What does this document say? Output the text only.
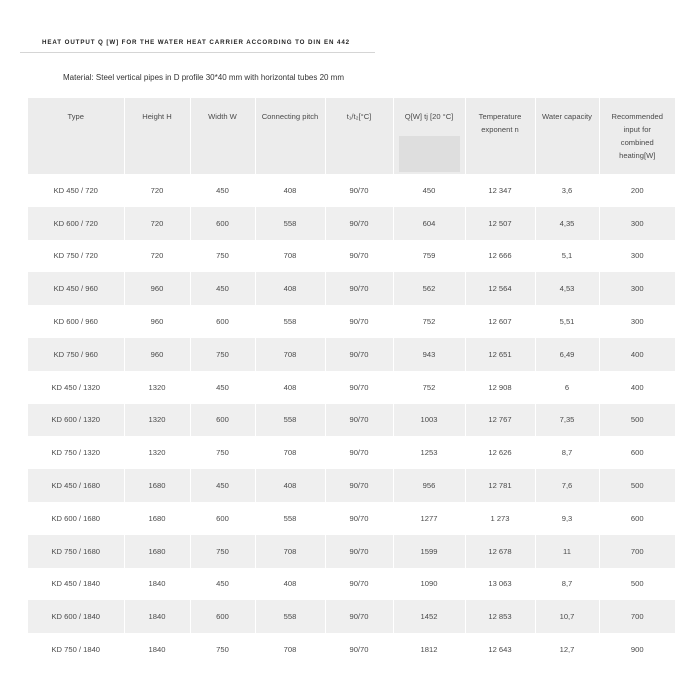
HEAT OUTPUT Q [W] FOR THE WATER HEAT CARRIER ACCORDING TO DIN EN 442
Material: Steel vertical pipes in D profile 30*40 mm with horizontal tubes 20 mm
Type	Height H	Width W	Connecting pitch	t₁/t₂[°C]	Q[W] tj [20 °C]	Temperature exponent n	Water capacity	Recommended input for combined heating[W]
KD 450 / 720	720	450	408	90/70	450	12 347	3,6	200
KD 600 / 720	720	600	558	90/70	604	12 507	4,35	300
KD 750 / 720	720	750	708	90/70	759	12 666	5,1	300
KD 450 / 960	960	450	408	90/70	562	12 564	4,53	300
KD 600 / 960	960	600	558	90/70	752	12 607	5,51	300
KD 750 / 960	960	750	708	90/70	943	12 651	6,49	400
KD 450 / 1320	1320	450	408	90/70	752	12 908	6	400
KD 600 / 1320	1320	600	558	90/70	1003	12 767	7,35	500
KD 750 / 1320	1320	750	708	90/70	1253	12 626	8,7	600
KD 450 / 1680	1680	450	408	90/70	956	12 781	7,6	500
KD 600 / 1680	1680	600	558	90/70	1277	1 273	9,3	600
KD 750 / 1680	1680	750	708	90/70	1599	12 678	11	700
KD 450 / 1840	1840	450	408	90/70	1090	13 063	8,7	500
KD 600 / 1840	1840	600	558	90/70	1452	12 853	10,7	700
KD 750 / 1840	1840	750	708	90/70	1812	12 643	12,7	900
